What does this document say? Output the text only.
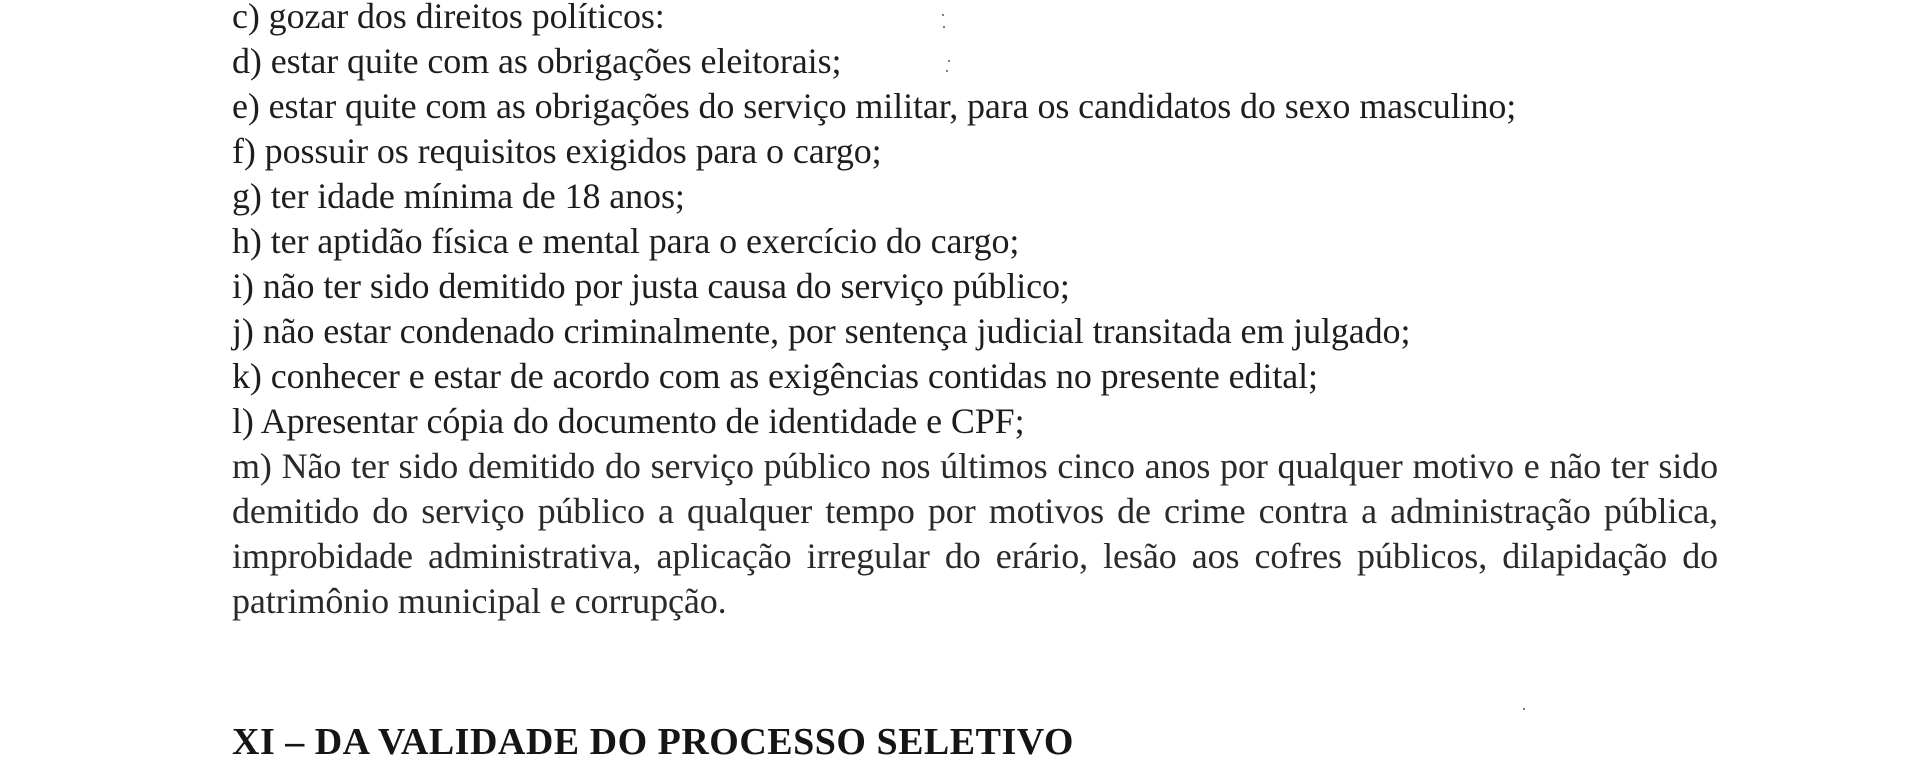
c) gozar dos direitos políticos:
d) estar quite com as obrigações eleitorais;
e) estar quite com as obrigações do serviço militar, para os candidatos do sexo masculino;
f) possuir os requisitos exigidos para o cargo;
g) ter idade mínima de 18 anos;
h) ter aptidão física e mental para o exercício do cargo;
i) não ter sido demitido por justa causa do serviço público;
j) não estar condenado criminalmente, por sentença judicial transitada em julgado;
k) conhecer e estar de acordo com as exigências contidas no presente edital;
l) Apresentar cópia do documento de identidade e CPF;
m) Não ter sido demitido do serviço público nos últimos cinco anos por qualquer motivo e não ter sido demitido do serviço público a qualquer tempo por motivos de crime contra a administração pública, improbidade administrativa, aplicação irregular do erário, lesão aos cofres públicos, dilapidação do patrimônio municipal e corrupção.
XI – DA VALIDADE DO PROCESSO SELETIVO
